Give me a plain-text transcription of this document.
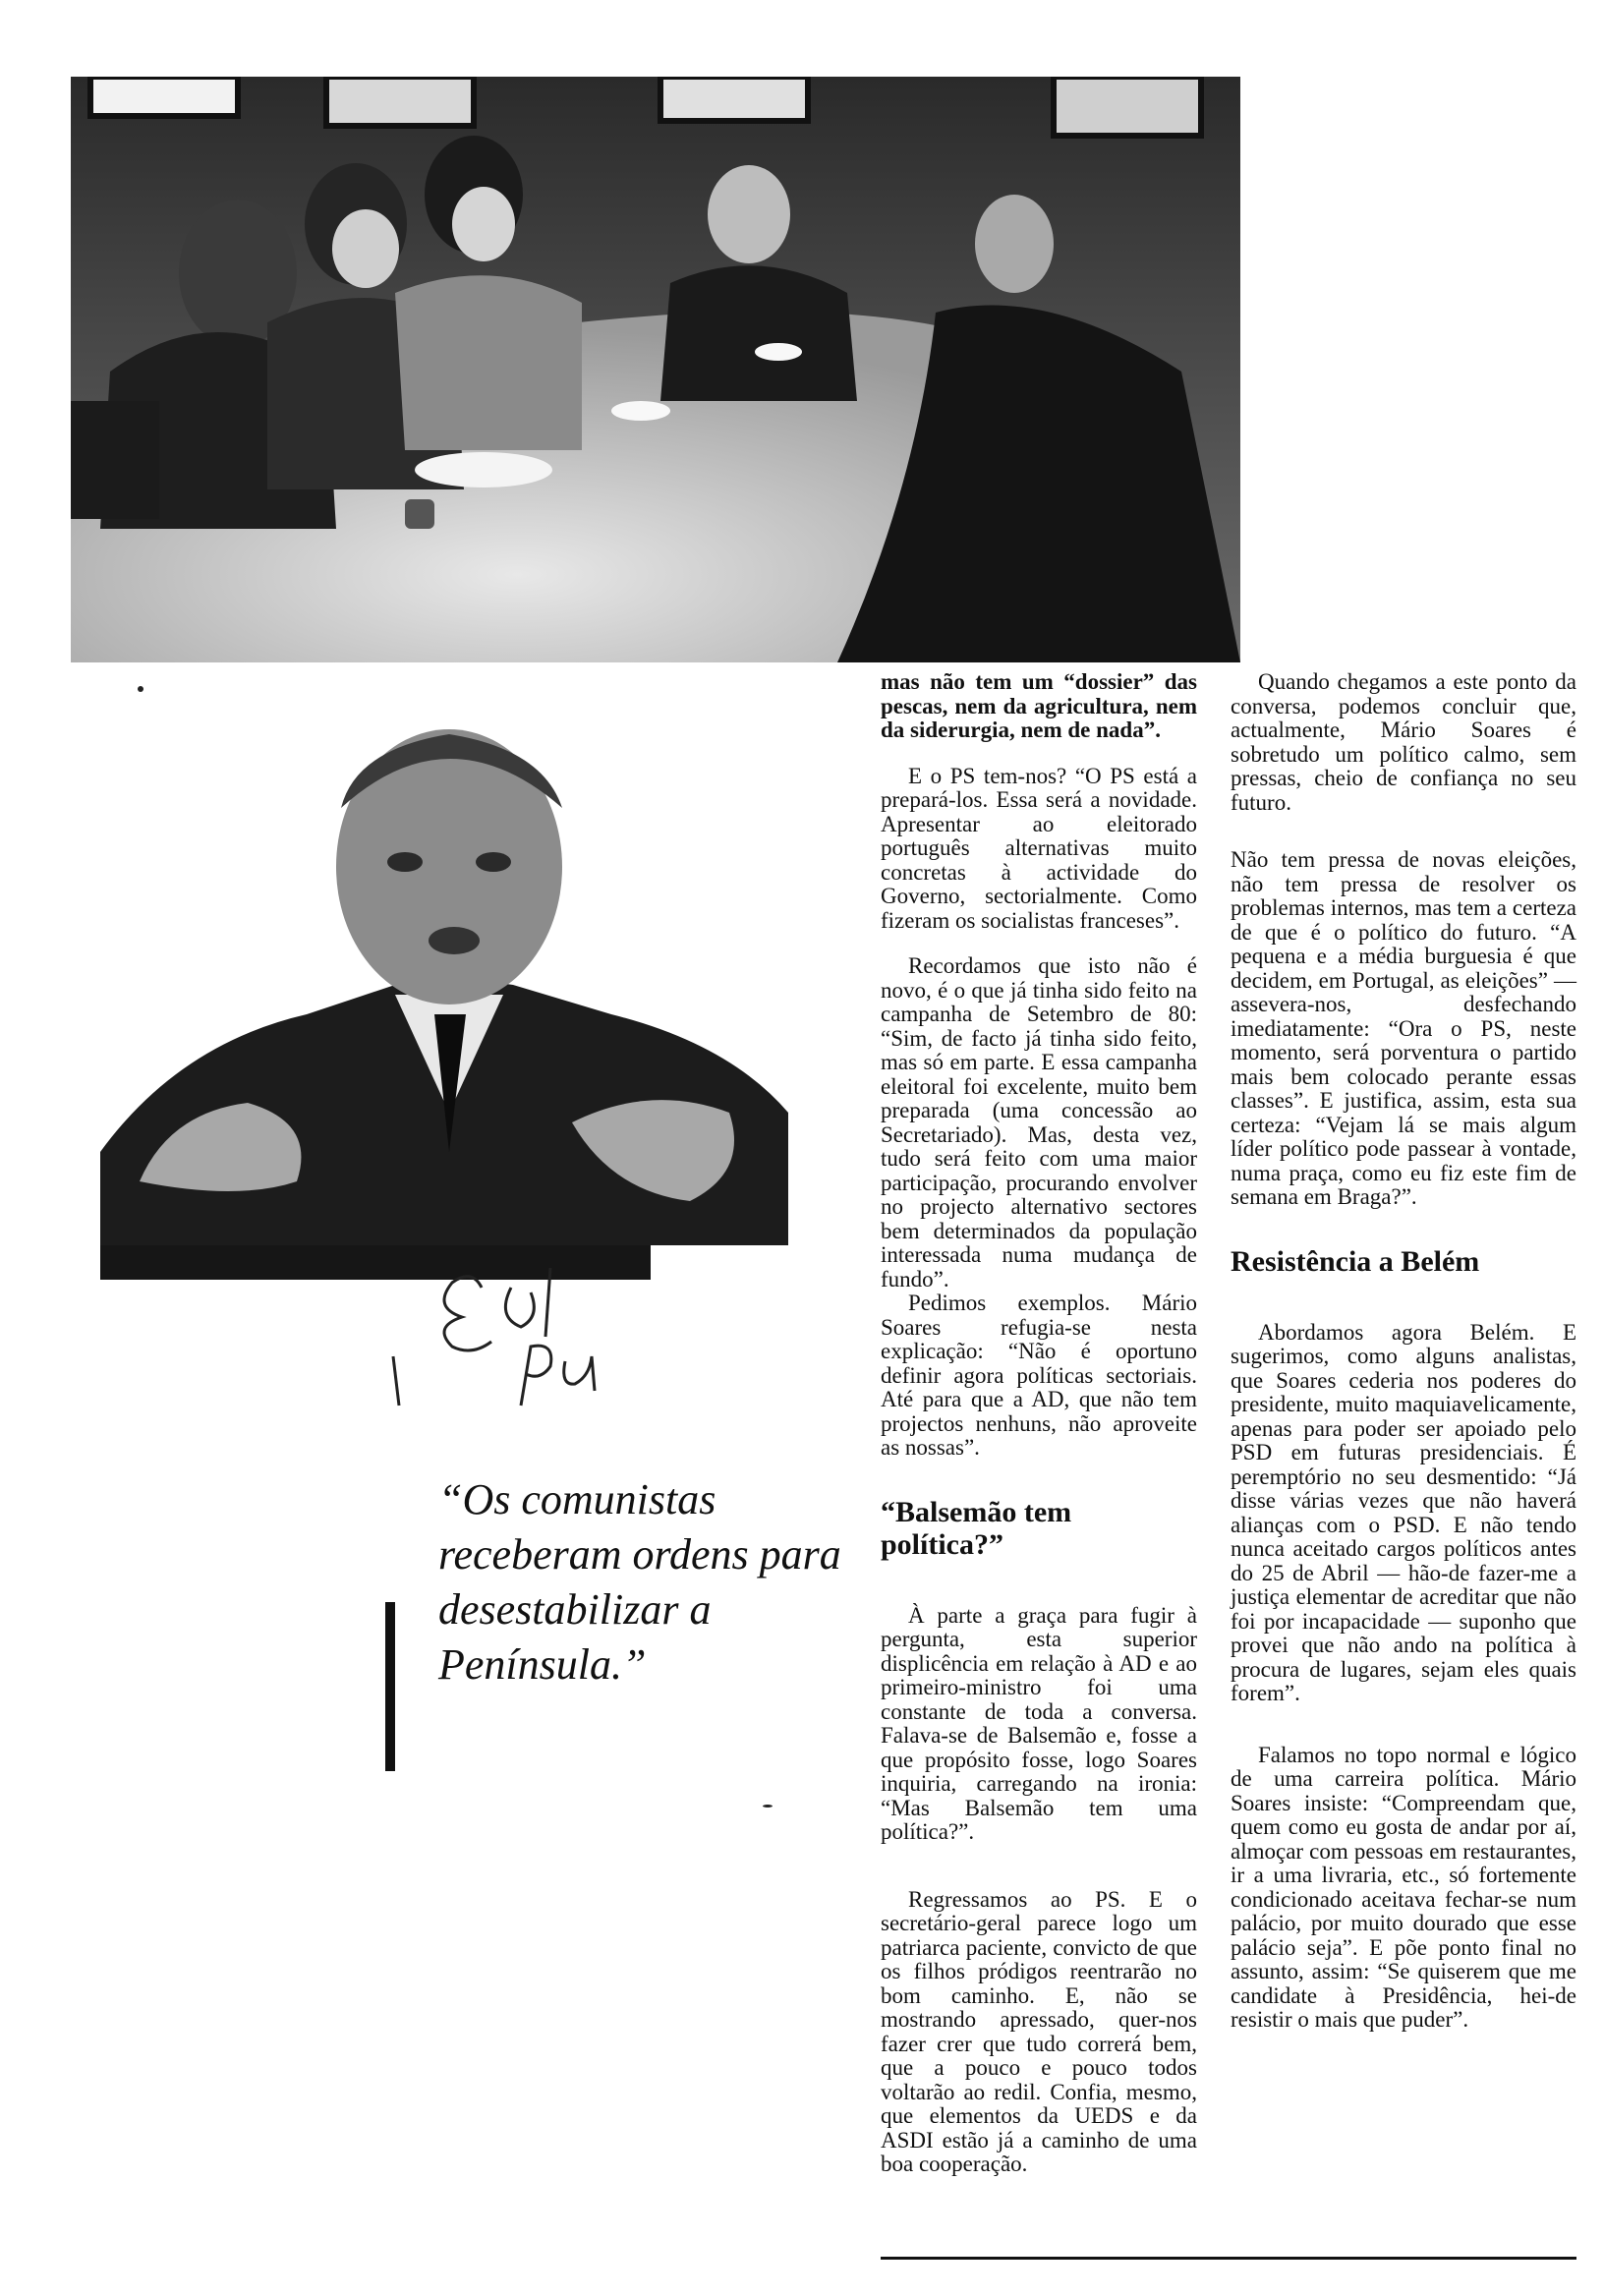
mas não tem um “dossier” das pescas, nem da agricultura, nem da siderurgia, nem de nada”.

E o PS tem-nos? “O PS está a prepará-los. Essa será a novidade. Apresentar ao eleitorado português alternativas muito concretas à actividade do Governo, sectorialmente. Como fizeram os socialistas franceses”.

Recordamos que isto não é novo, é o que já tinha sido feito na campanha de Setembro de 80: “Sim, de facto já tinha sido feito, mas só em parte. E essa campanha eleitoral foi excelente, muito bem preparada (uma concessão ao Secretariado). Mas, desta vez, tudo será feito com uma maior participação, procurando envolver no projecto alternativo sectores bem determinados da população interessada numa mudança de fundo”.

Pedimos exemplos. Mário Soares refugia-se nesta explicação: “Não é oportuno definir agora políticas sectoriais. Até para que a AD, que não tem projectos nenhuns, não aproveite as nossas”.

“Balsemão tem política?”

À parte a graça para fugir à pergunta, esta superior displicência em relação à AD e ao primeiro-ministro foi uma constante de toda a conversa. Falava-se de Balsemão e, fosse a que propósito fosse, logo Soares inquiria, carregando na ironia: “Mas Balsemão tem uma política?”.

Regressamos ao PS. E o secretário-geral parece logo um patriarca paciente, convicto de que os filhos pródigos reentrarão no bom caminho. E, não se mostrando apressado, quer-nos fazer crer que tudo correrá bem, que a pouco e pouco todos voltarão ao redil. Confia, mesmo, que elementos da UEDS e da ASDI estão já a caminho de uma boa cooperação.

Quando chegamos a este ponto da conversa, podemos concluir que, actualmente, Mário Soares é sobretudo um político calmo, sem pressas, cheio de confiança no seu futuro.

Não tem pressa de novas eleições, não tem pressa de resolver os problemas internos, mas tem a certeza de que é o político do futuro. “A pequena e a média burguesia é que decidem, em Portugal, as eleições” — assevera-nos, desfechando imediatamente: “Ora o PS, neste momento, será porventura o partido mais bem colocado perante essas classes”. E justifica, assim, esta sua certeza: “Vejam lá se mais algum líder político pode passear à vontade, numa praça, como eu fiz este fim de semana em Braga?”.

Resistência a Belém

Abordamos agora Belém. E sugerimos, como alguns analistas, que Soares cederia nos poderes do presidente, muito maquiavelicamente, apenas para poder ser apoiado pelo PSD em futuras presidenciais. É peremptório no seu desmentido: “Já disse várias vezes que não haverá alianças com o PSD. E não tendo nunca aceitado cargos políticos antes do 25 de Abril — hão-de fazer-me a justiça elementar de acreditar que não foi por incapacidade — suponho que provei que não ando na política à procura de lugares, sejam eles quais forem”.

Falamos no topo normal e lógico de uma carreira política. Mário Soares insiste: “Compreendam que, quem como eu gosta de andar por aí, almoçar com pessoas em restaurantes, ir a uma livraria, etc., só fortemente condicionado aceitava fechar-se num palácio, por muito dourado que esse palácio seja”. E põe ponto final no assunto, assim: “Se quiserem que me candidate à Presidência, hei-de resistir o mais que puder”.

“Os comunistas receberam ordens para desestabilizar a Península.”
